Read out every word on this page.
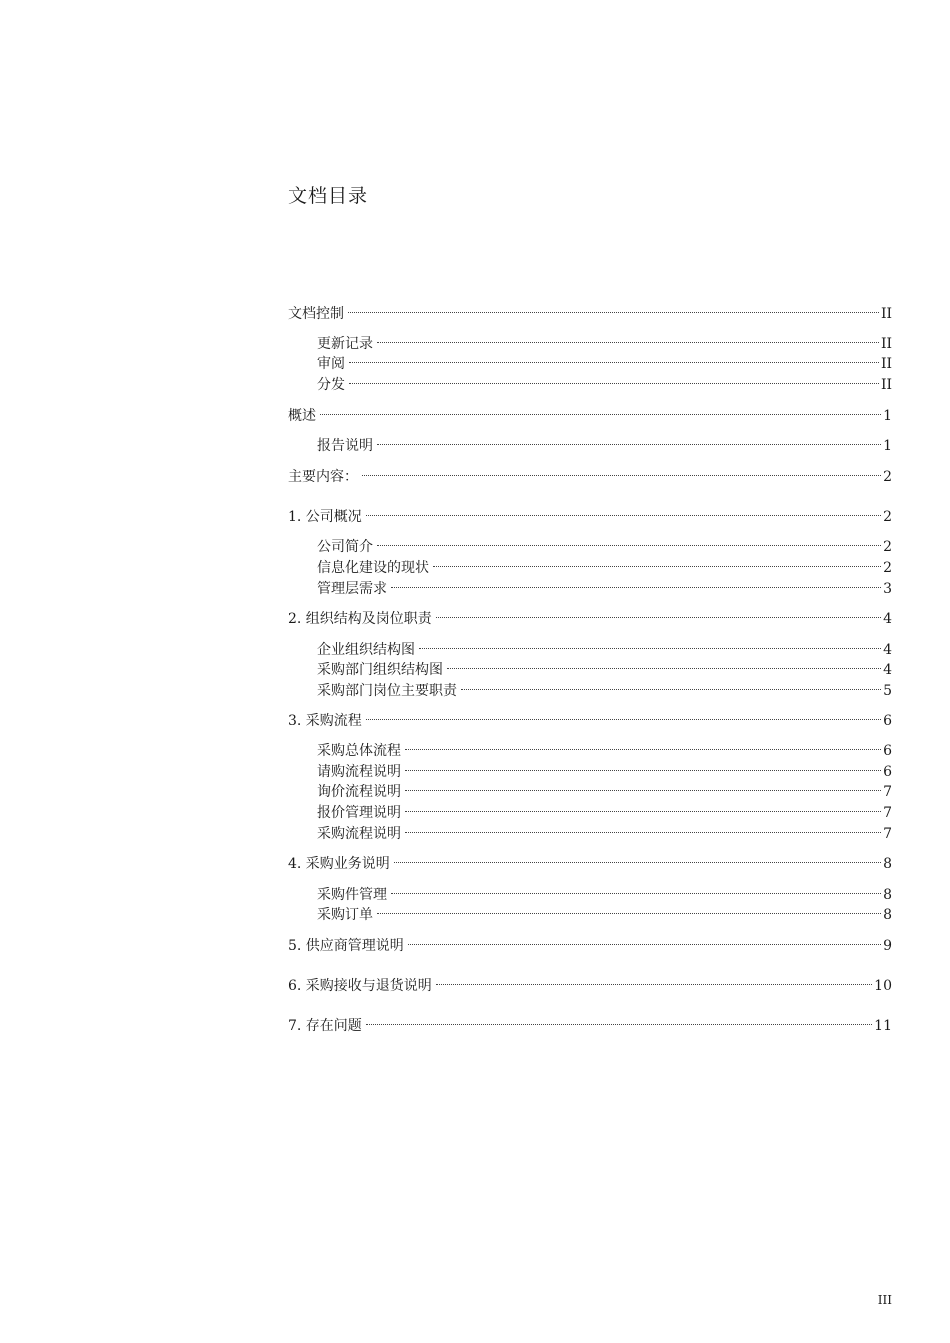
文档目录
文档控制	II
更新记录	II
审阅	II
分发	II
概述	1
报告说明	1
主要内容：	2
1. 公司概况	2
公司简介	2
信息化建设的现状	2
管理层需求	3
2. 组织结构及岗位职责	4
企业组织结构图	4
采购部门组织结构图	4
采购部门岗位主要职责	5
3. 采购流程	6
采购总体流程	6
请购流程说明	6
询价流程说明	7
报价管理说明	7
采购流程说明	7
4. 采购业务说明	8
采购件管理	8
采购订单	8
5. 供应商管理说明	9
6. 采购接收与退货说明	10
7. 存在问题	11
III
